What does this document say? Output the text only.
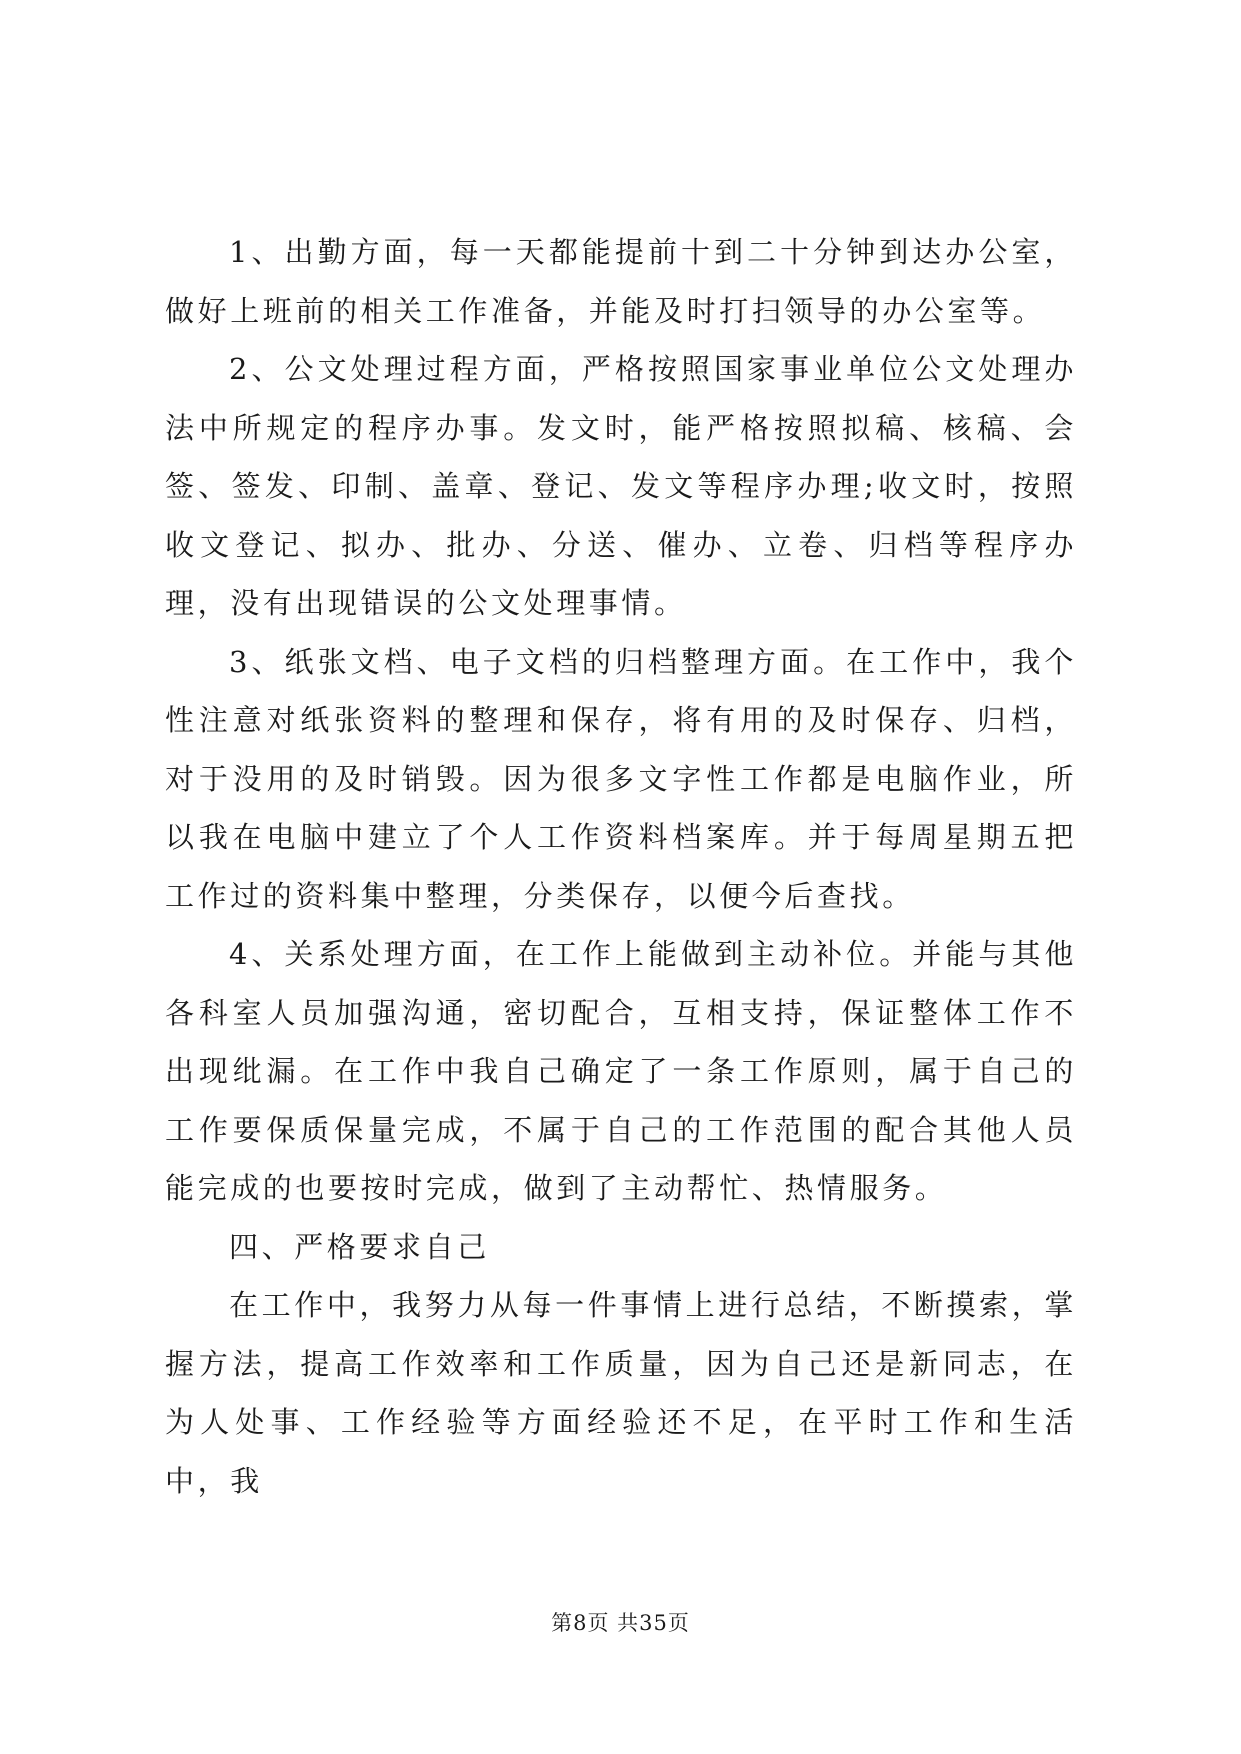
1、出勤方面，每一天都能提前十到二十分钟到达办公室，做好上班前的相关工作准备，并能及时打扫领导的办公室等。

2、公文处理过程方面，严格按照国家事业单位公文处理办法中所规定的程序办事。发文时，能严格按照拟稿、核稿、会签、签发、印制、盖章、登记、发文等程序办理;收文时，按照收文登记、拟办、批办、分送、催办、立卷、归档等程序办理，没有出现错误的公文处理事情。

3、纸张文档、电子文档的归档整理方面。在工作中，我个性注意对纸张资料的整理和保存，将有用的及时保存、归档，对于没用的及时销毁。因为很多文字性工作都是电脑作业，所以我在电脑中建立了个人工作资料档案库。并于每周星期五把工作过的资料集中整理，分类保存，以便今后查找。

4、关系处理方面，在工作上能做到主动补位。并能与其他各科室人员加强沟通，密切配合，互相支持，保证整体工作不出现纰漏。在工作中我自己确定了一条工作原则，属于自己的工作要保质保量完成，不属于自己的工作范围的配合其他人员能完成的也要按时完成，做到了主动帮忙、热情服务。

四、严格要求自己

在工作中，我努力从每一件事情上进行总结，不断摸索，掌握方法，提高工作效率和工作质量，因为自己还是新同志，在为人处事、工作经验等方面经验还不足，在平时工作和生活中，我

第8页 共35页
